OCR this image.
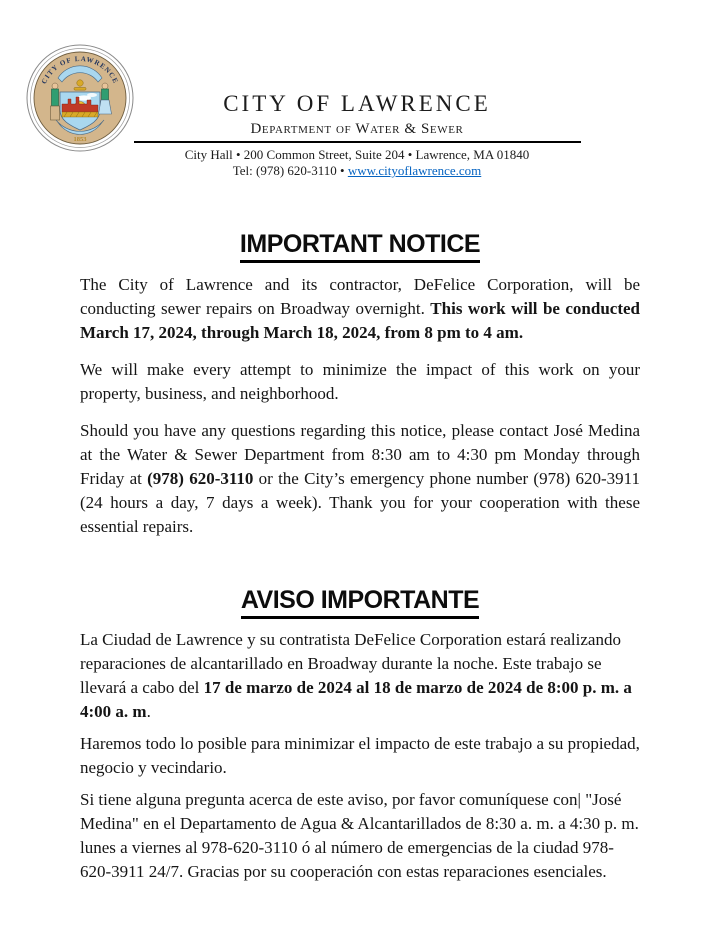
CITY OF LAWRENCE
1853
CITY OF LAWRENCE
Department of Water & Sewer
City Hall • 200 Common Street, Suite 204 • Lawrence, MA 01840
Tel: (978) 620-3110 • www.cityoflawrence.com
IMPORTANT NOTICE

The City of Lawrence and its contractor, DeFelice Corporation, will be conducting sewer repairs on Broadway overnight. This work will be conducted March 17, 2024, through March 18, 2024, from 8 pm to 4 am.

We will make every attempt to minimize the impact of this work on your property, business, and neighborhood.

Should you have any questions regarding this notice, please contact José Medina at the Water & Sewer Department from 8:30 am to 4:30 pm Monday through Friday at (978) 620-3110 or the City’s emergency phone number (978) 620-3911 (24 hours a day, 7 days a week). Thank you for your cooperation with these essential repairs.

AVISO IMPORTANTE

La Ciudad de Lawrence y su contratista DeFelice Corporation estará realizando reparaciones de alcantarillado en Broadway durante la noche. Este trabajo se llevará a cabo del 17 de marzo de 2024 al 18 de marzo de 2024 de 8:00 p. m. a 4:00 a. m.

Haremos todo lo posible para minimizar el impacto de este trabajo a su propiedad, negocio y vecindario.

Si tiene alguna pregunta acerca de este aviso, por favor comuníquese con| "José Medina" en el Departamento de Agua & Alcantarillados de 8:30 a. m. a 4:30 p. m. lunes a viernes al 978-620-3110 ó al número de emergencias de la ciudad 978-620-3911 24/7. Gracias por su cooperación con estas reparaciones esenciales.
